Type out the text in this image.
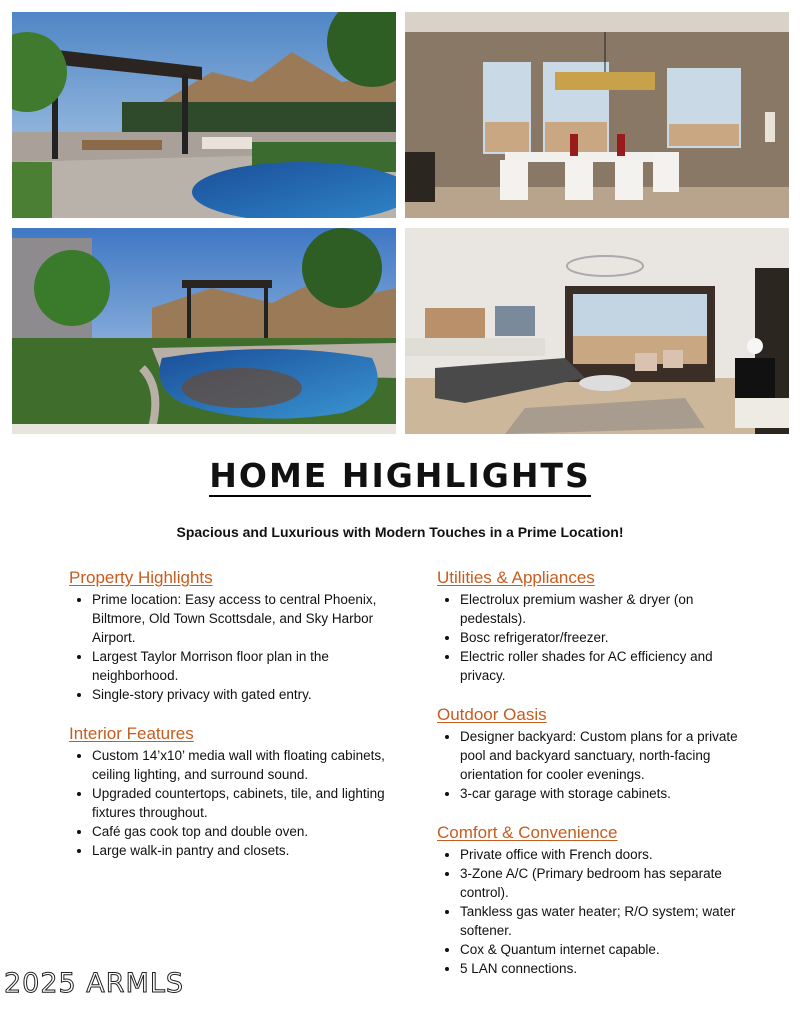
HOME HIGHLIGHTS
Spacious and Luxurious with Modern Touches in a Prime Location!
Property Highlights
• Prime location: Easy access to central Phoenix, Biltmore, Old Town Scottsdale, and Sky Harbor Airport.
• Largest Taylor Morrison floor plan in the neighborhood.
• Single-story privacy with gated entry.
Interior Features
• Custom 14’x10’ media wall with floating cabinets, ceiling lighting, and surround sound.
• Upgraded countertops, cabinets, tile, and lighting fixtures throughout.
• Café gas cook top and double oven.
• Large walk-in pantry and closets.
Utilities & Appliances
• Electrolux premium washer & dryer (on pedestals).
• Bosc refrigerator/freezer.
• Electric roller shades for AC efficiency and privacy.
Outdoor Oasis
• Designer backyard: Custom plans for a private pool and backyard sanctuary, north-facing orientation for cooler evenings.
• 3-car garage with storage cabinets.
Comfort & Convenience
• Private office with French doors.
• 3-Zone A/C (Primary bedroom has separate control).
• Tankless gas water heater; R/O system; water softener.
• Cox & Quantum internet capable.
• 5 LAN connections.
2025 ARMLS
